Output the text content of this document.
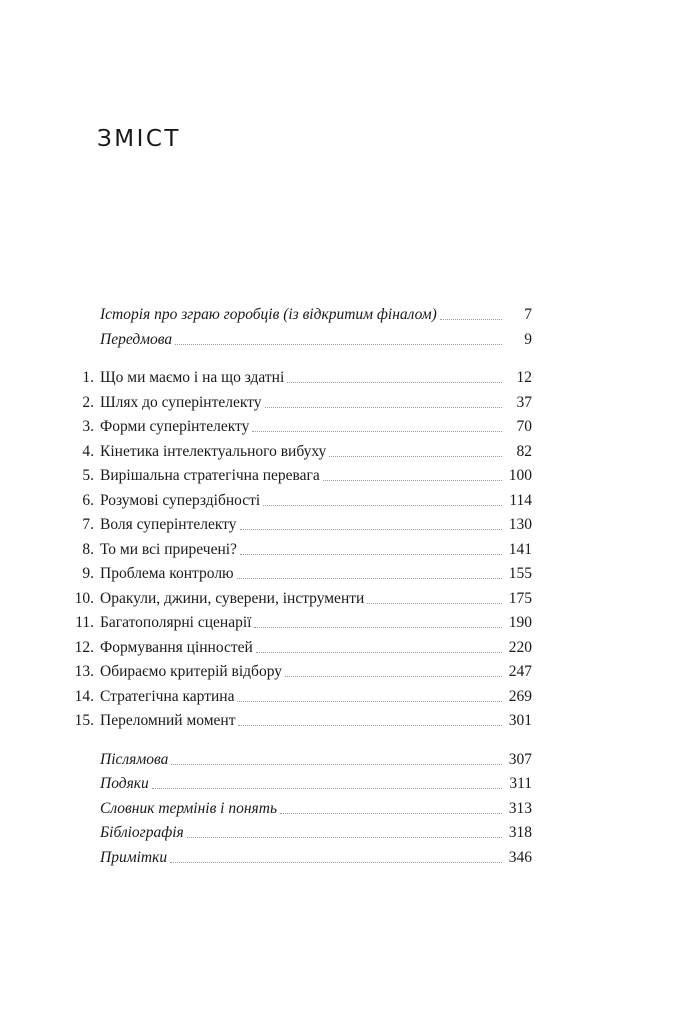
ЗМІСТ
Історія про зграю горобців (із відкритим фіналом)	7
Передмова	9
1. Що ми маємо і на що здатні	12
2. Шлях до суперінтелекту	37
3. Форми суперінтелекту	70
4. Кінетика інтелектуального вибуху	82
5. Вирішальна стратегічна перевага	100
6. Розумові суперздібності	114
7. Воля суперінтелекту	130
8. То ми всі приречені?	141
9. Проблема контролю	155
10. Оракули, джини, суверени, інструменти	175
11. Багатополярні сценарії	190
12. Формування цінностей	220
13. Обираємо критерій відбору	247
14. Стратегічна картина	269
15. Переломний момент	301
Післямова	307
Подяки	311
Словник термінів і понять	313
Бібліографія	318
Примітки	346
